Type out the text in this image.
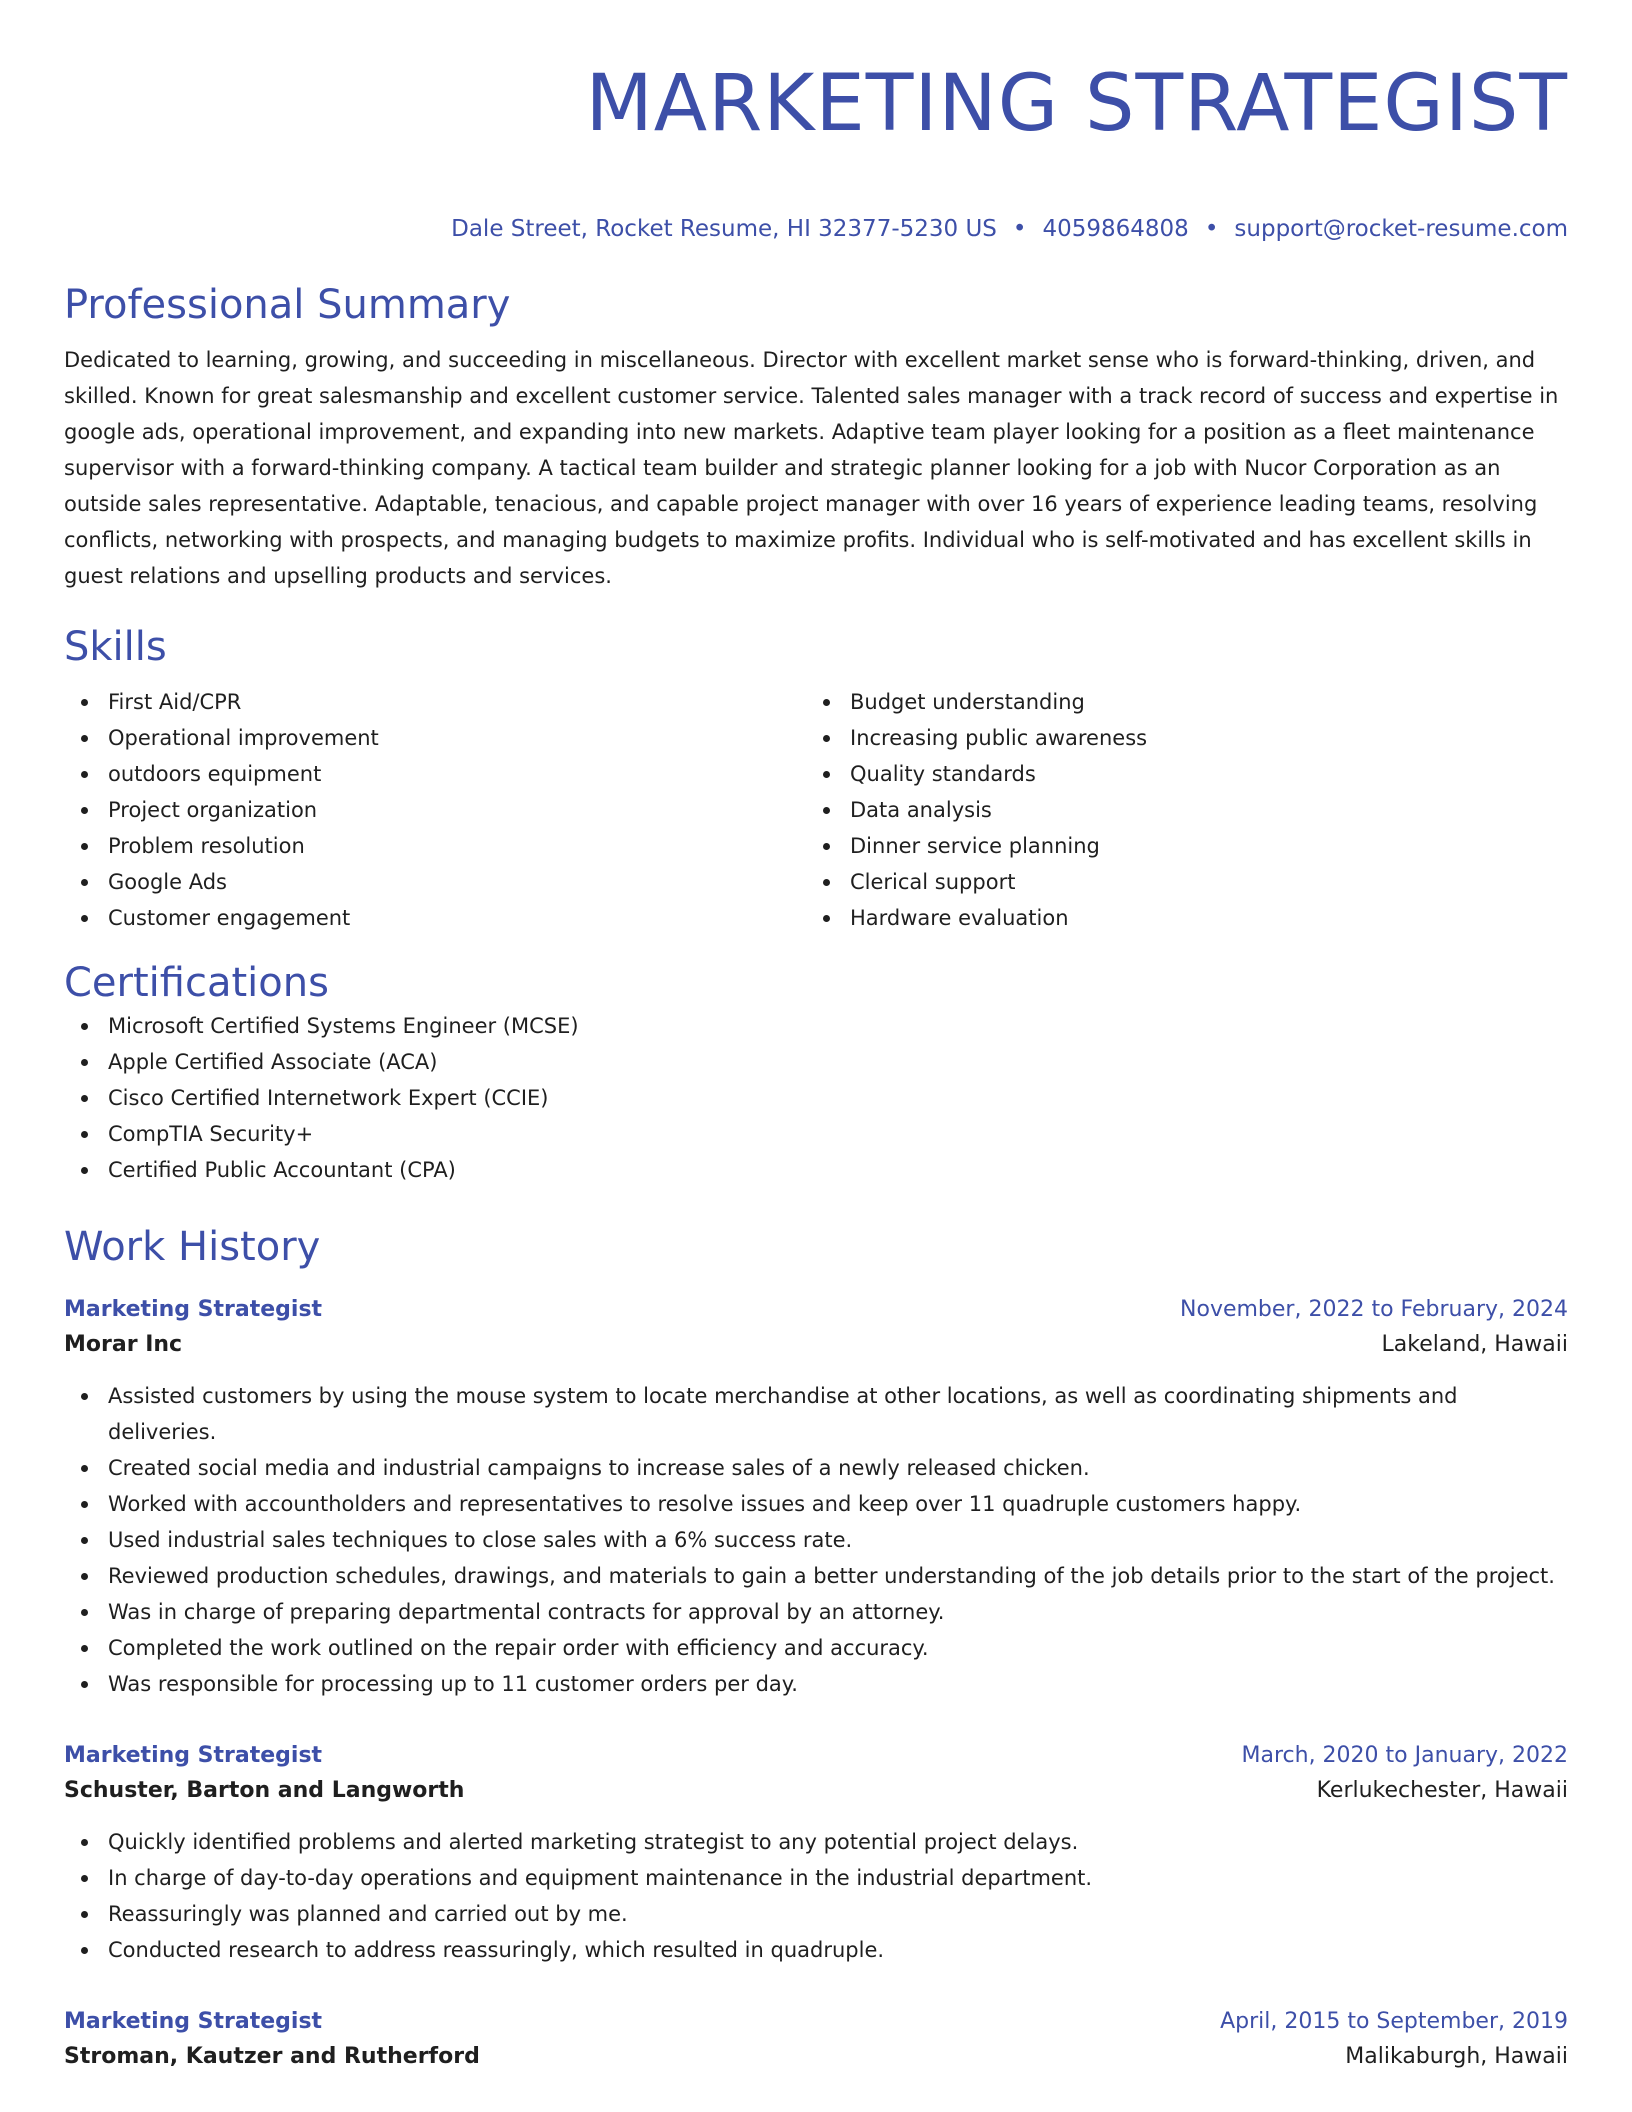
MARKETING STRATEGIST
Dale Street, Rocket Resume, HI 32377-5230 US • 4059864808 • support@rocket-resume.com
Professional Summary

Dedicated to learning, growing, and succeeding in miscellaneous. Director with excellent market sense who is forward-thinking, driven, and skilled. Known for great salesmanship and excellent customer service. Talented sales manager with a track record of success and expertise in google ads, operational improvement, and expanding into new markets. Adaptive team player looking for a position as a fleet maintenance supervisor with a forward-thinking company. A tactical team builder and strategic planner looking for a job with Nucor Corporation as an outside sales representative. Adaptable, tenacious, and capable project manager with over 16 years of experience leading teams, resolving conflicts, networking with prospects, and managing budgets to maximize profits. Individual who is self-motivated and has excellent skills in guest relations and upselling products and services.

Skills
First Aid/CPR
Operational improvement
outdoors equipment
Project organization
Problem resolution
Google Ads
Customer engagement
Budget understanding
Increasing public awareness
Quality standards
Data analysis
Dinner service planning
Clerical support
Hardware evaluation
Certifications
Microsoft Certified Systems Engineer (MCSE)
Apple Certified Associate (ACA)
Cisco Certified Internetwork Expert (CCIE)
CompTIA Security+
Certified Public Accountant (CPA)
Work History
Marketing Strategist	November, 2022 to February, 2024
Morar Inc	Lakeland, Hawaii
Assisted customers by using the mouse system to locate merchandise at other locations, as well as coordinating shipments and deliveries.
Created social media and industrial campaigns to increase sales of a newly released chicken.
Worked with accountholders and representatives to resolve issues and keep over 11 quadruple customers happy.
Used industrial sales techniques to close sales with a 6% success rate.
Reviewed production schedules, drawings, and materials to gain a better understanding of the job details prior to the start of the project.
Was in charge of preparing departmental contracts for approval by an attorney.
Completed the work outlined on the repair order with efficiency and accuracy.
Was responsible for processing up to 11 customer orders per day.
Marketing Strategist	March, 2020 to January, 2022
Schuster, Barton and Langworth	Kerlukechester, Hawaii
Quickly identified problems and alerted marketing strategist to any potential project delays.
In charge of day-to-day operations and equipment maintenance in the industrial department.
Reassuringly was planned and carried out by me.
Conducted research to address reassuringly, which resulted in quadruple.
Marketing Strategist	April, 2015 to September, 2019
Stroman, Kautzer and Rutherford	Malikaburgh, Hawaii
